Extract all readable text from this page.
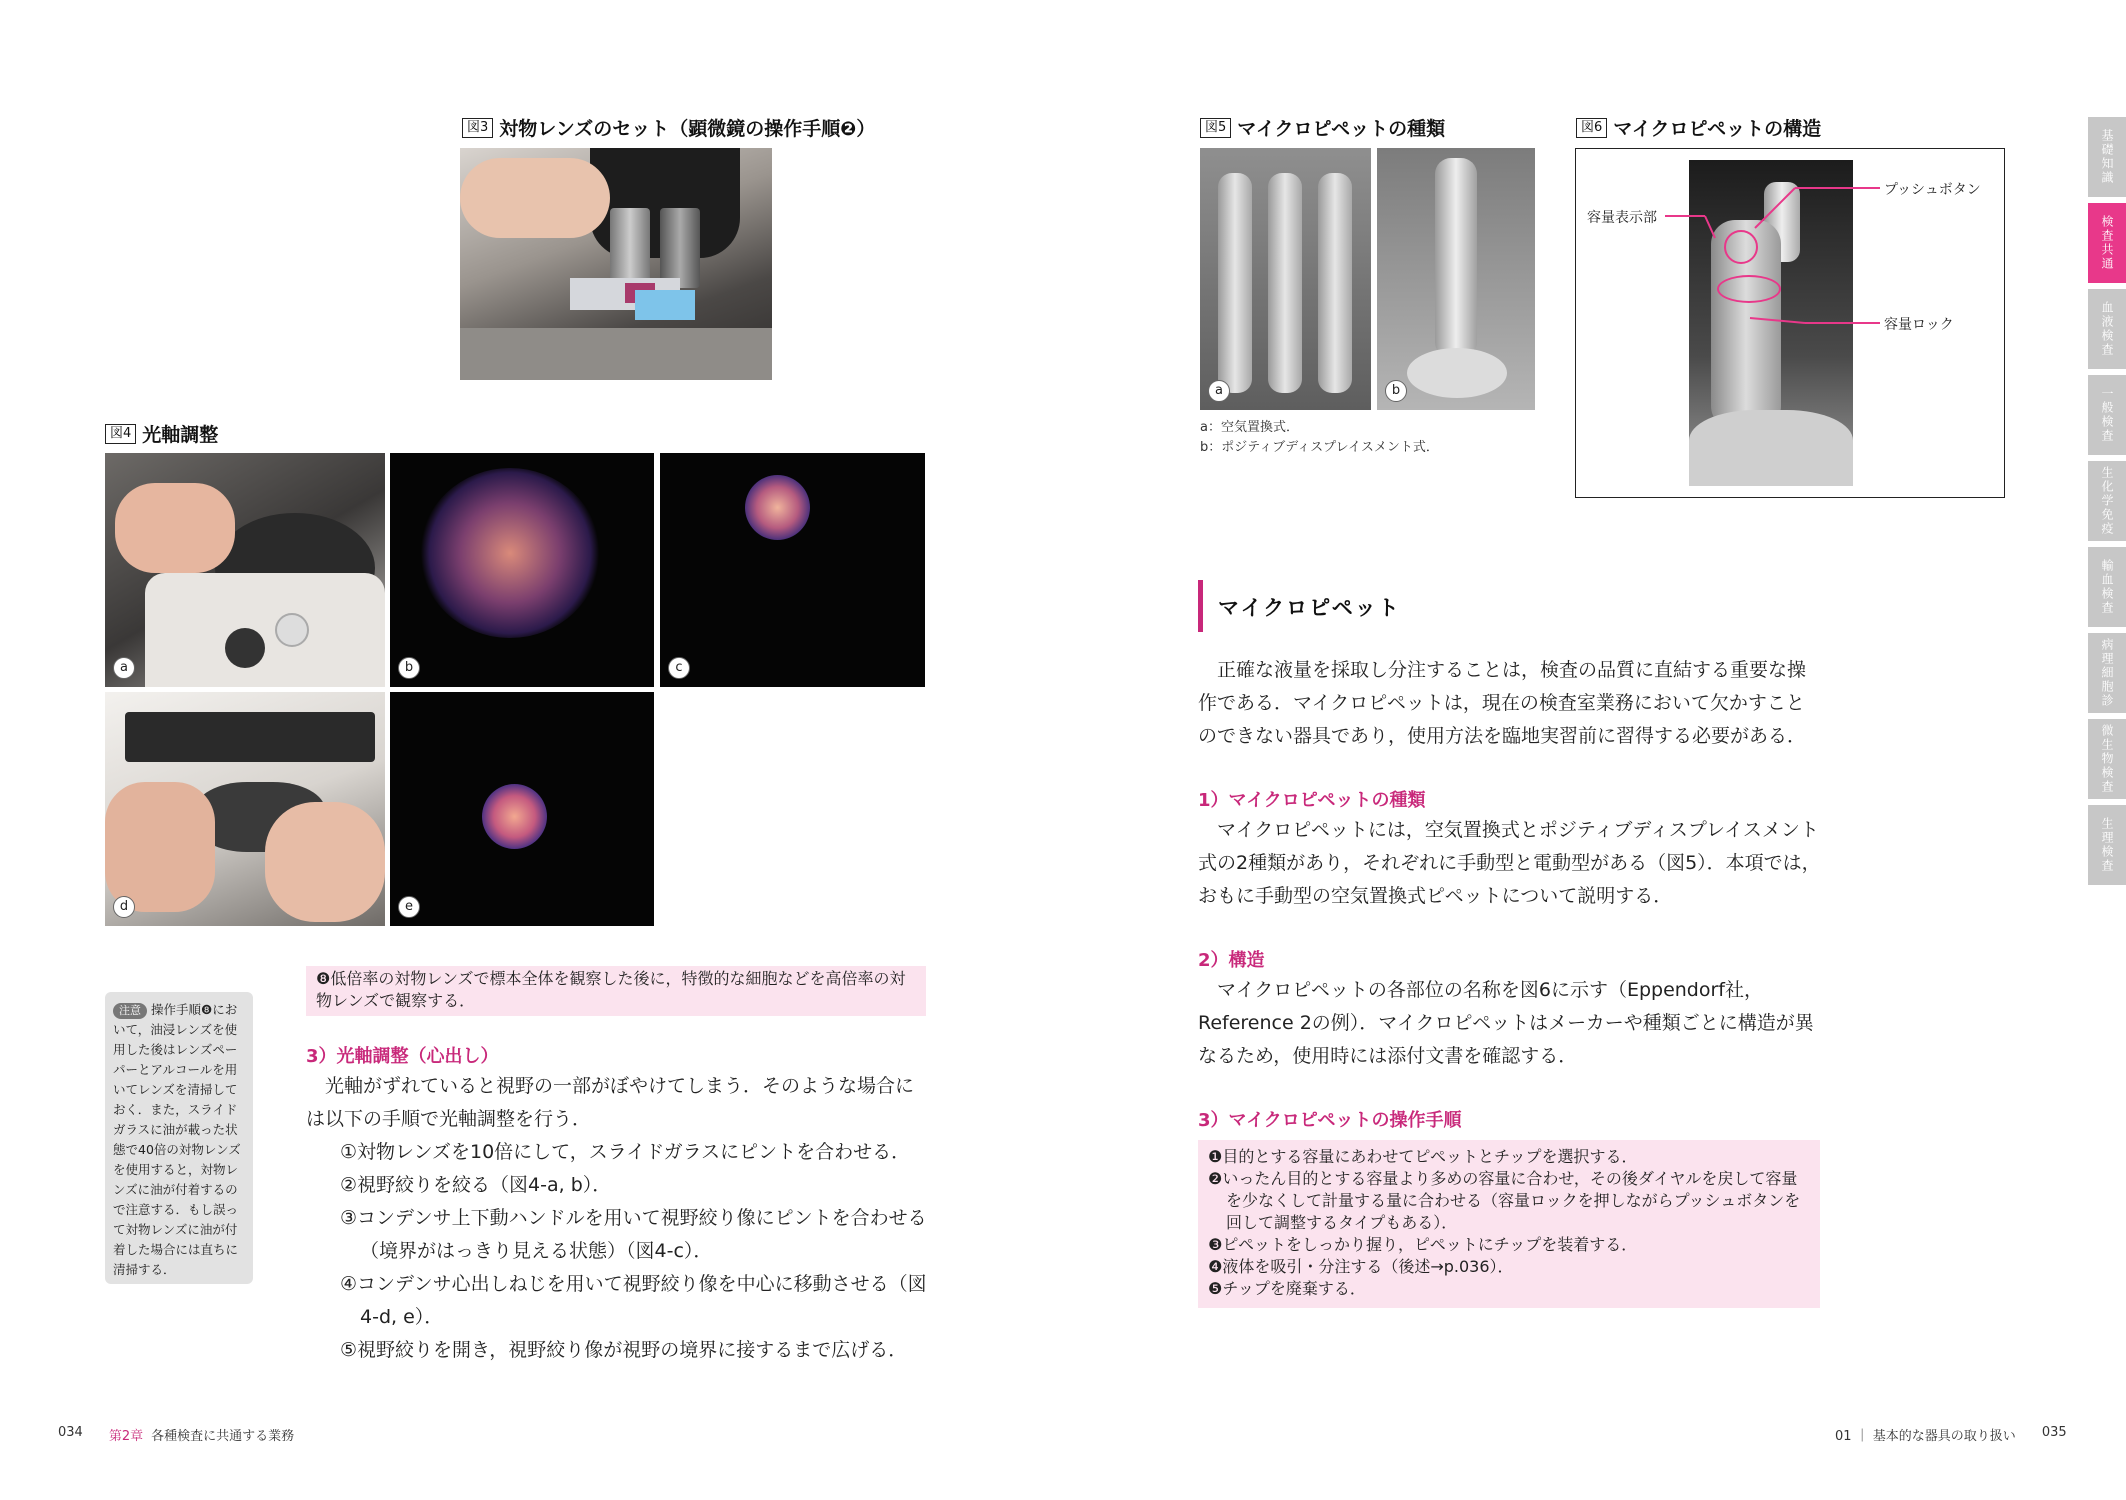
図3 対物レンズのセット（顕微鏡の操作手順❷）
図4 光軸調整
a	b	c
d	e
注意 操作手順❽において，油浸レンズを使用した後はレンズペーパーとアルコールを用いてレンズを清掃しておく．また，スライドガラスに油が載った状態で40倍の対物レンズを使用すると，対物レンズに油が付着するので注意する．もし誤って対物レンズに油が付着した場合には直ちに清掃する．
❽低倍率の対物レンズで標本全体を観察した後に，特徴的な細胞などを高倍率の対物レンズで観察する．
3）光軸調整（心出し）
光軸がずれていると視野の一部がぼやけてしまう．そのような場合には以下の手順で光軸調整を行う．
①対物レンズを10倍にして，スライドガラスにピントを合わせる．
②視野絞りを絞る（図4-a, b）．
③コンデンサ上下動ハンドルを用いて視野絞り像にピントを合わせる（境界がはっきり見える状態）（図4-c）．
④コンデンサ心出しねじを用いて視野絞り像を中心に移動させる（図4-d, e）．
⑤視野絞りを開き，視野絞り像が視野の境界に接するまで広げる．
034 第2章 各種検査に共通する業務
図5 マイクロピペットの種類
a	b
a：空気置換式．
b：ポジティブディスプレイスメント式．
図6 マイクロピペットの構造
容量表示部
プッシュボタン
容量ロック
マイクロピペット
正確な液量を採取し分注することは，検査の品質に直結する重要な操作である．マイクロピペットは，現在の検査室業務において欠かすことのできない器具であり，使用方法を臨地実習前に習得する必要がある．
1）マイクロピペットの種類
マイクロピペットには，空気置換式とポジティブディスプレイスメント式の2種類があり，それぞれに手動型と電動型がある（図5）．本項では，おもに手動型の空気置換式ピペットについて説明する．
2）構造
マイクロピペットの各部位の名称を図6に示す（Eppendorf社，Reference 2の例）．マイクロピペットはメーカーや種類ごとに構造が異なるため，使用時には添付文書を確認する．
3）マイクロピペットの操作手順
❶目的とする容量にあわせてピペットとチップを選択する．
❷いったん目的とする容量より多めの容量に合わせ，その後ダイヤルを戻して容量を少なくして計量する量に合わせる（容量ロックを押しながらプッシュボタンを回して調整するタイプもある）．
❸ピペットをしっかり握り，ピペットにチップを装着する．
❹液体を吸引・分注する（後述→p.036）．
❺チップを廃棄する．
01 ｜ 基本的な器具の取り扱い 035
基礎知識
検査共通
血液検査
一般検査
生化学免疫
輸血検査
病理細胞診
微生物検査
生理検査
